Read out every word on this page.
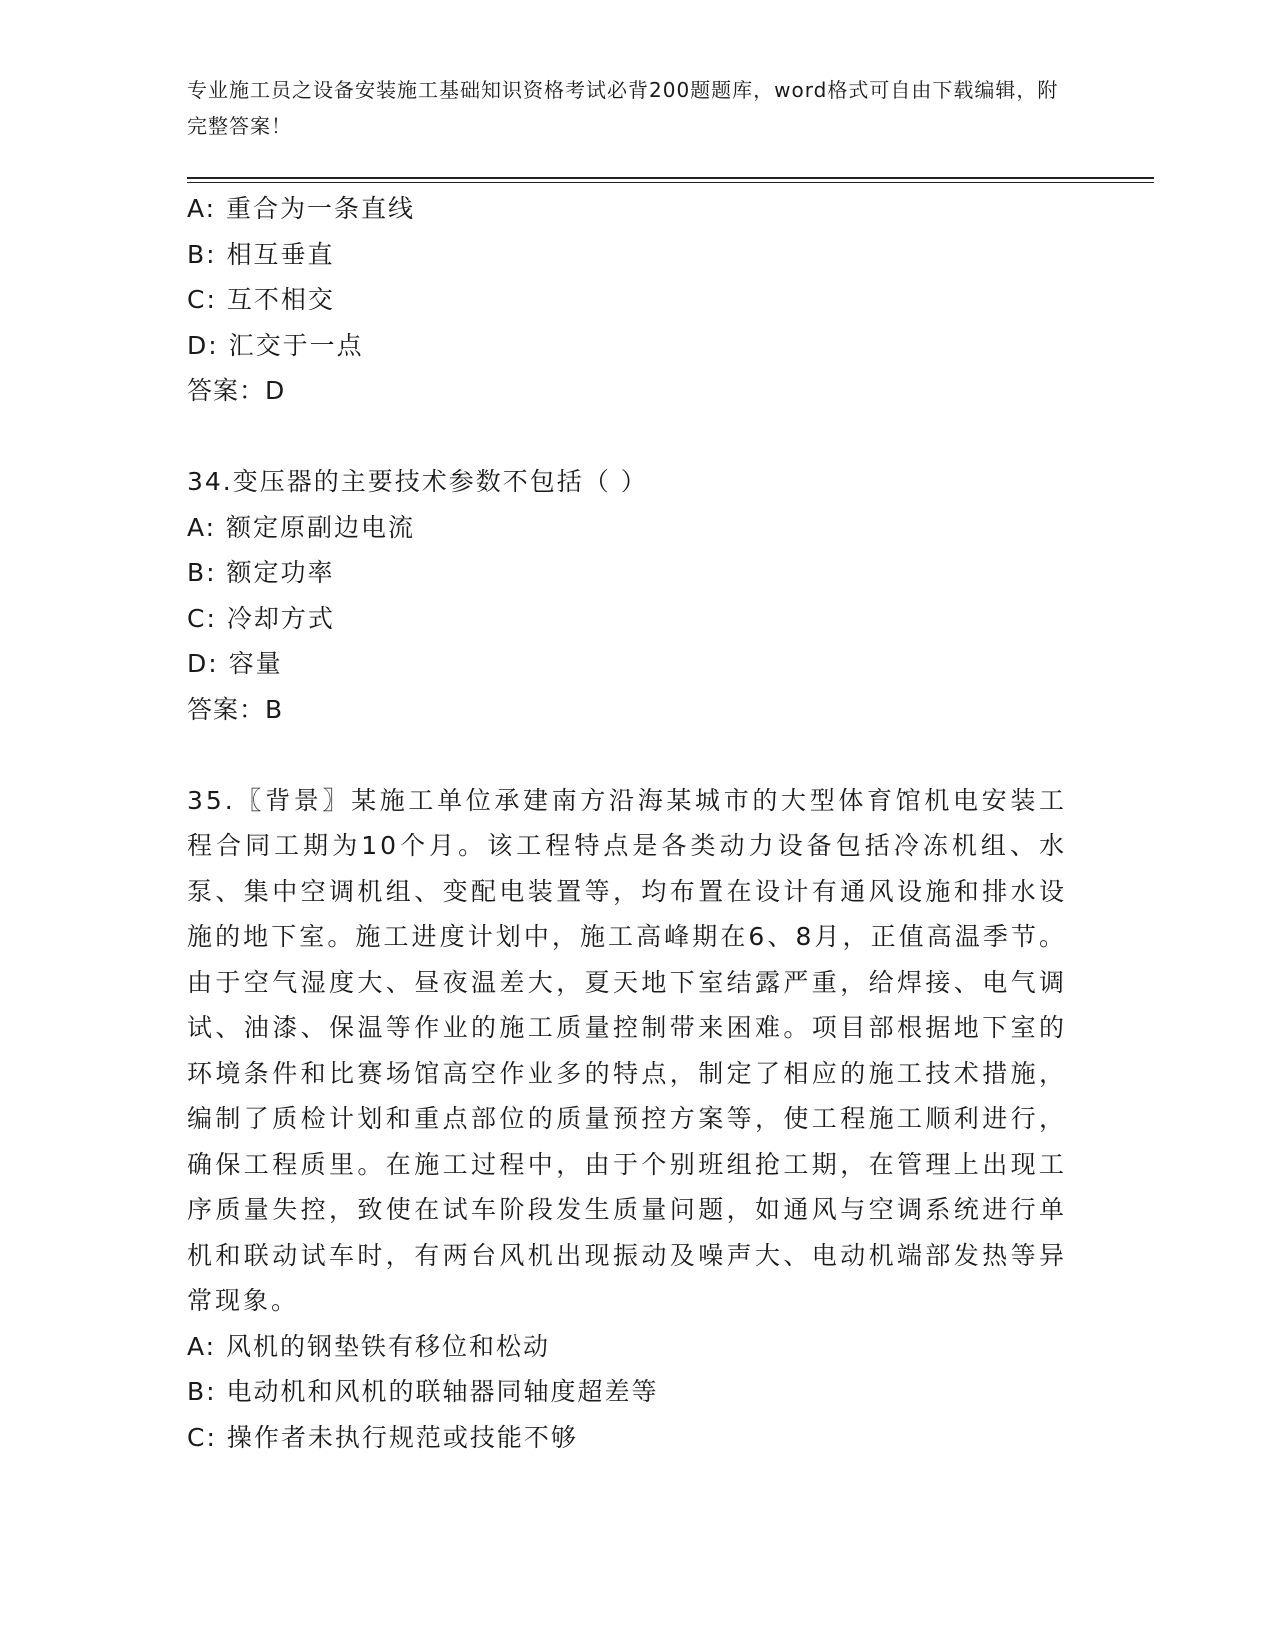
专业施工员之设备安装施工基础知识资格考试必背200题题库，word格式可自由下载编辑，附完整答案！
A: 重合为一条直线
B: 相互垂直
C: 互不相交
D: 汇交于一点
答案：D
34.变压器的主要技术参数不包括（ ）
A: 额定原副边电流
B: 额定功率
C: 冷却方式
D: 容量
答案：B
35.〖背景〗某施工单位承建南方沿海某城市的大型体育馆机电安装工程合同工期为10个月。该工程特点是各类动力设备包括冷冻机组、水泵、集中空调机组、变配电装置等，均布置在设计有通风设施和排水设施的地下室。施工进度计划中，施工高峰期在6、8月，正值高温季节。由于空气湿度大、昼夜温差大，夏天地下室结露严重，给焊接、电气调试、油漆、保温等作业的施工质量控制带来困难。项目部根据地下室的环境条件和比赛场馆高空作业多的特点，制定了相应的施工技术措施，编制了质检计划和重点部位的质量预控方案等，使工程施工顺利进行，确保工程质里。在施工过程中，由于个别班组抢工期，在管理上出现工序质量失控，致使在试车阶段发生质量问题，如通风与空调系统进行单机和联动试车时，有两台风机出现振动及噪声大、电动机端部发热等异常现象。
A: 风机的钢垫铁有移位和松动
B: 电动机和风机的联轴器同轴度超差等
C: 操作者未执行规范或技能不够
